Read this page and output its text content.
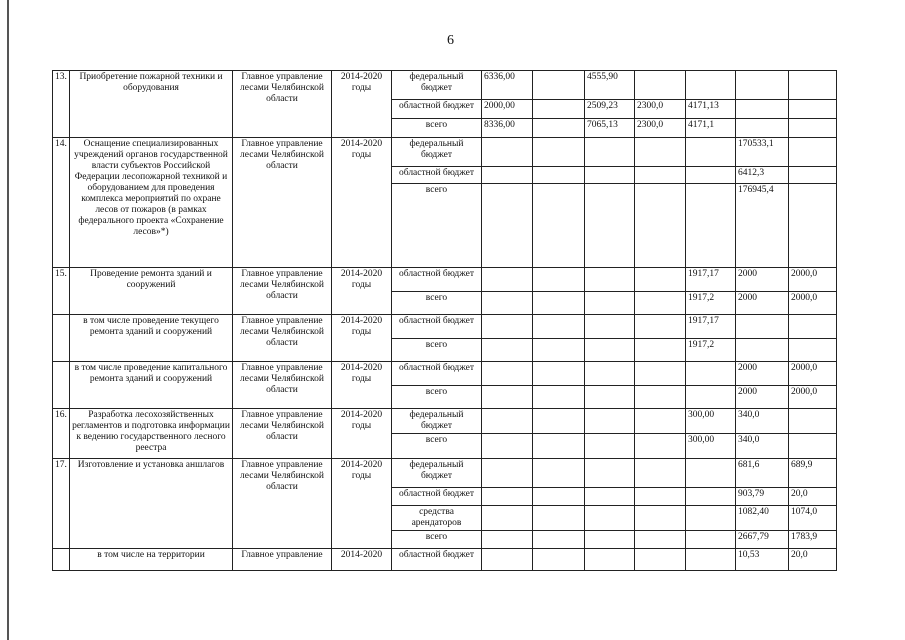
6
13.	Приобретение пожарной техники и оборудования	Главное управление лесами Челябинской области	2014-2020 годы	федеральный бюджет	6336,00		4555,90				
				областной бюджет	2000,00		2509,23	2300,0	4171,13		
				всего	8336,00		7065,13	2300,0	4171,1		
14.	Оснащение специализированных учреждений органов государственной власти субъектов Российской Федерации лесопожарной техникой и оборудованием для проведения комплекса мероприятий по охране лесов от пожаров (в рамках федерального проекта «Сохранение лесов»*)	Главное управление лесами Челябинской области	2014-2020 годы	федеральный бюджет						170533,1	
				областной бюджет						6412,3	
				всего						176945,4	
15.	Проведение ремонта зданий и сооружений	Главное управление лесами Челябинской области	2014-2020 годы	областной бюджет					1917,17	2000	2000,0
				всего					1917,2	2000	2000,0
	в том числе проведение текущего ремонта зданий и сооружений	Главное управление лесами Челябинской области	2014-2020 годы	областной бюджет					1917,17		
				всего					1917,2		
	в том числе проведение капитального ремонта зданий и сооружений	Главное управление лесами Челябинской области	2014-2020 годы	областной бюджет						2000	2000,0
				всего						2000	2000,0
16.	Разработка лесохозяйственных регламентов и подготовка информации к ведению государственного лесного реестра	Главное управление лесами Челябинской области	2014-2020 годы	федеральный бюджет					300,00	340,0	
				всего					300,00	340,0	
17.	Изготовление и установка аншлагов	Главное управление лесами Челябинской области	2014-2020 годы	федеральный бюджет						681,6	689,9
				областной бюджет						903,79	20,0
				средства арендаторов						1082,40	1074,0
				всего						2667,79	1783,9
	в том числе на территории	Главное управление	2014-2020	областной бюджет						10,53	20,0
